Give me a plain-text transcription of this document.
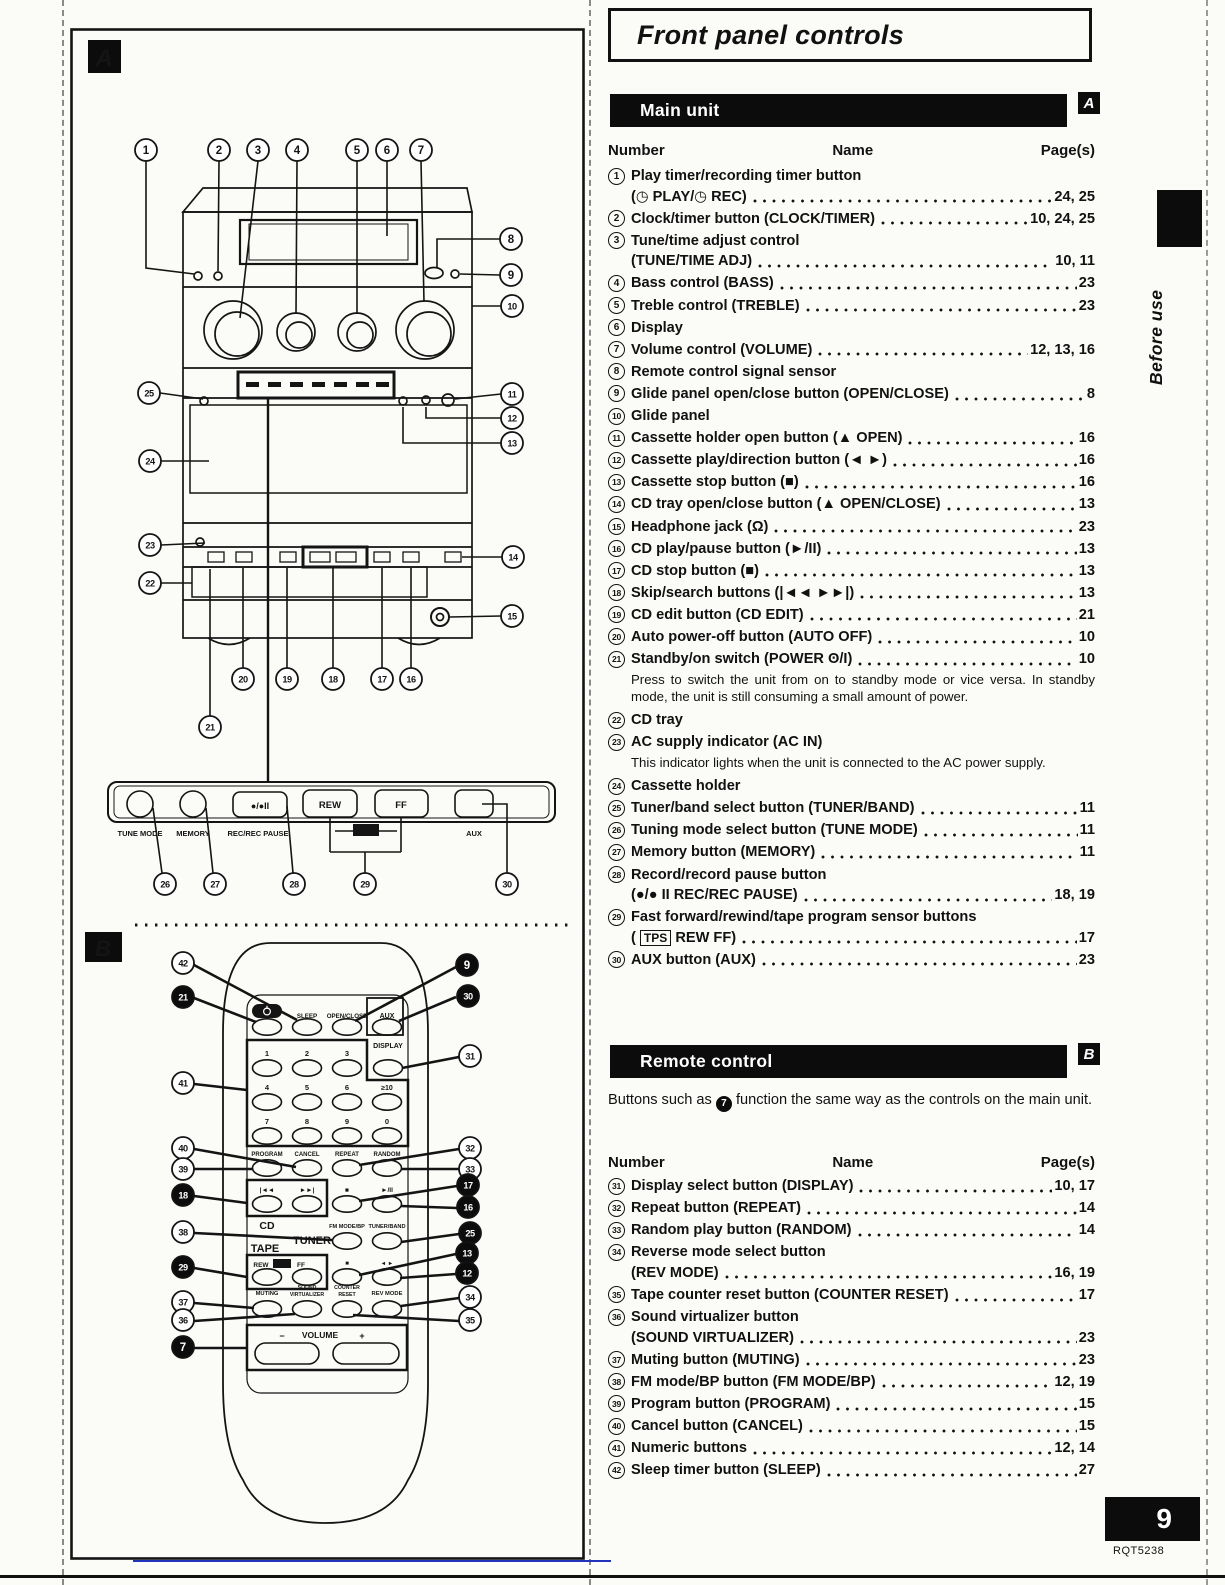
A
●/●II	REW	FF
TUNE MODE MEMORY REC/REC PAUSE	TPS	AUX
B
SLEEP OPEN/CLOSE AUX
DISPLAY
1	2	3
4	5	6	≥10
7	8	9	0
PROGRAM CANCEL	REPEAT RANDOM
|◄◄	►►|	■	►/II
CD
TUNER
FM MODE/BP TUNER/BAND
TAPE
REW TPS FF	■	◄ ►
MUTING
SOUND
VIRTUALIZER
COUNTER
RESET	REV MODE
− VOLUME +
1	2	3	4	5 6 7
8
9
10
11
12
13
14
15
16
17
18
19
20
21
22
23
24
25
26	27	28	29	30
42
21
9
30
31
41
40
39
32
33
18
17
16
38	25
29
13
12
37
36
34
35
7
Front panel controls
Main unit	A
Number	Name	Page(s)
1 Play timer/recording timer button
(◷ PLAY/◷ REC)	24, 25
2 Clock/timer button (CLOCK/TIMER)	10, 24, 25
3 Tune/time adjust control
(TUNE/TIME ADJ)	10, 11
4 Bass control (BASS)	23
5 Treble control (TREBLE)	23
6 Display
7 Volume control (VOLUME)	12, 13, 16
8 Remote control signal sensor
9 Glide panel open/close button (OPEN/CLOSE)	8
10 Glide panel
11 Cassette holder open button (▲ OPEN)	16
12 Cassette play/direction button (◄ ►)	16
13 Cassette stop button (■)	16
14 CD tray open/close button (▲ OPEN/CLOSE)	13
15 Headphone jack (Ω)	23
16 CD play/pause button (►/II)	13
17 CD stop button (■)	13
18 Skip/search buttons (|◄◄ ►►|)	13
19 CD edit button (CD EDIT)	21
20 Auto power-off button (AUTO OFF)	10
21 Standby/on switch (POWER ʘ/I)	10
Press to switch the unit from on to standby mode or vice versa. In standby mode, the unit is still consuming a small amount of power.
22 CD tray
23 AC supply indicator (AC IN)
This indicator lights when the unit is connected to the AC power supply.
24 Cassette holder
25 Tuner/band select button (TUNER/BAND)	11
26 Tuning mode select button (TUNE MODE)	11
27 Memory button (MEMORY)	11
28 Record/record pause button
(●/● II REC/REC PAUSE)	18, 19
29 Fast forward/rewind/tape program sensor buttons
( TPS REW FF)	17
30 AUX button (AUX)	23
Remote control	B
Buttons such as 7 function the same way as the controls on the main unit.
Number	Name	Page(s)
31 Display select button (DISPLAY)	10, 17
32 Repeat button (REPEAT)	14
33 Random play button (RANDOM)	14
34 Reverse mode select button
(REV MODE)	16, 19
35 Tape counter reset button (COUNTER RESET)	17
36 Sound virtualizer button
(SOUND VIRTUALIZER)	23
37 Muting button (MUTING)	23
38 FM mode/BP button (FM MODE/BP)	12, 19
39 Program button (PROGRAM)	15
40 Cancel button (CANCEL)	15
41 Numeric buttons	12, 14
42 Sleep timer button (SLEEP)	27
Before use
9
RQT5238
